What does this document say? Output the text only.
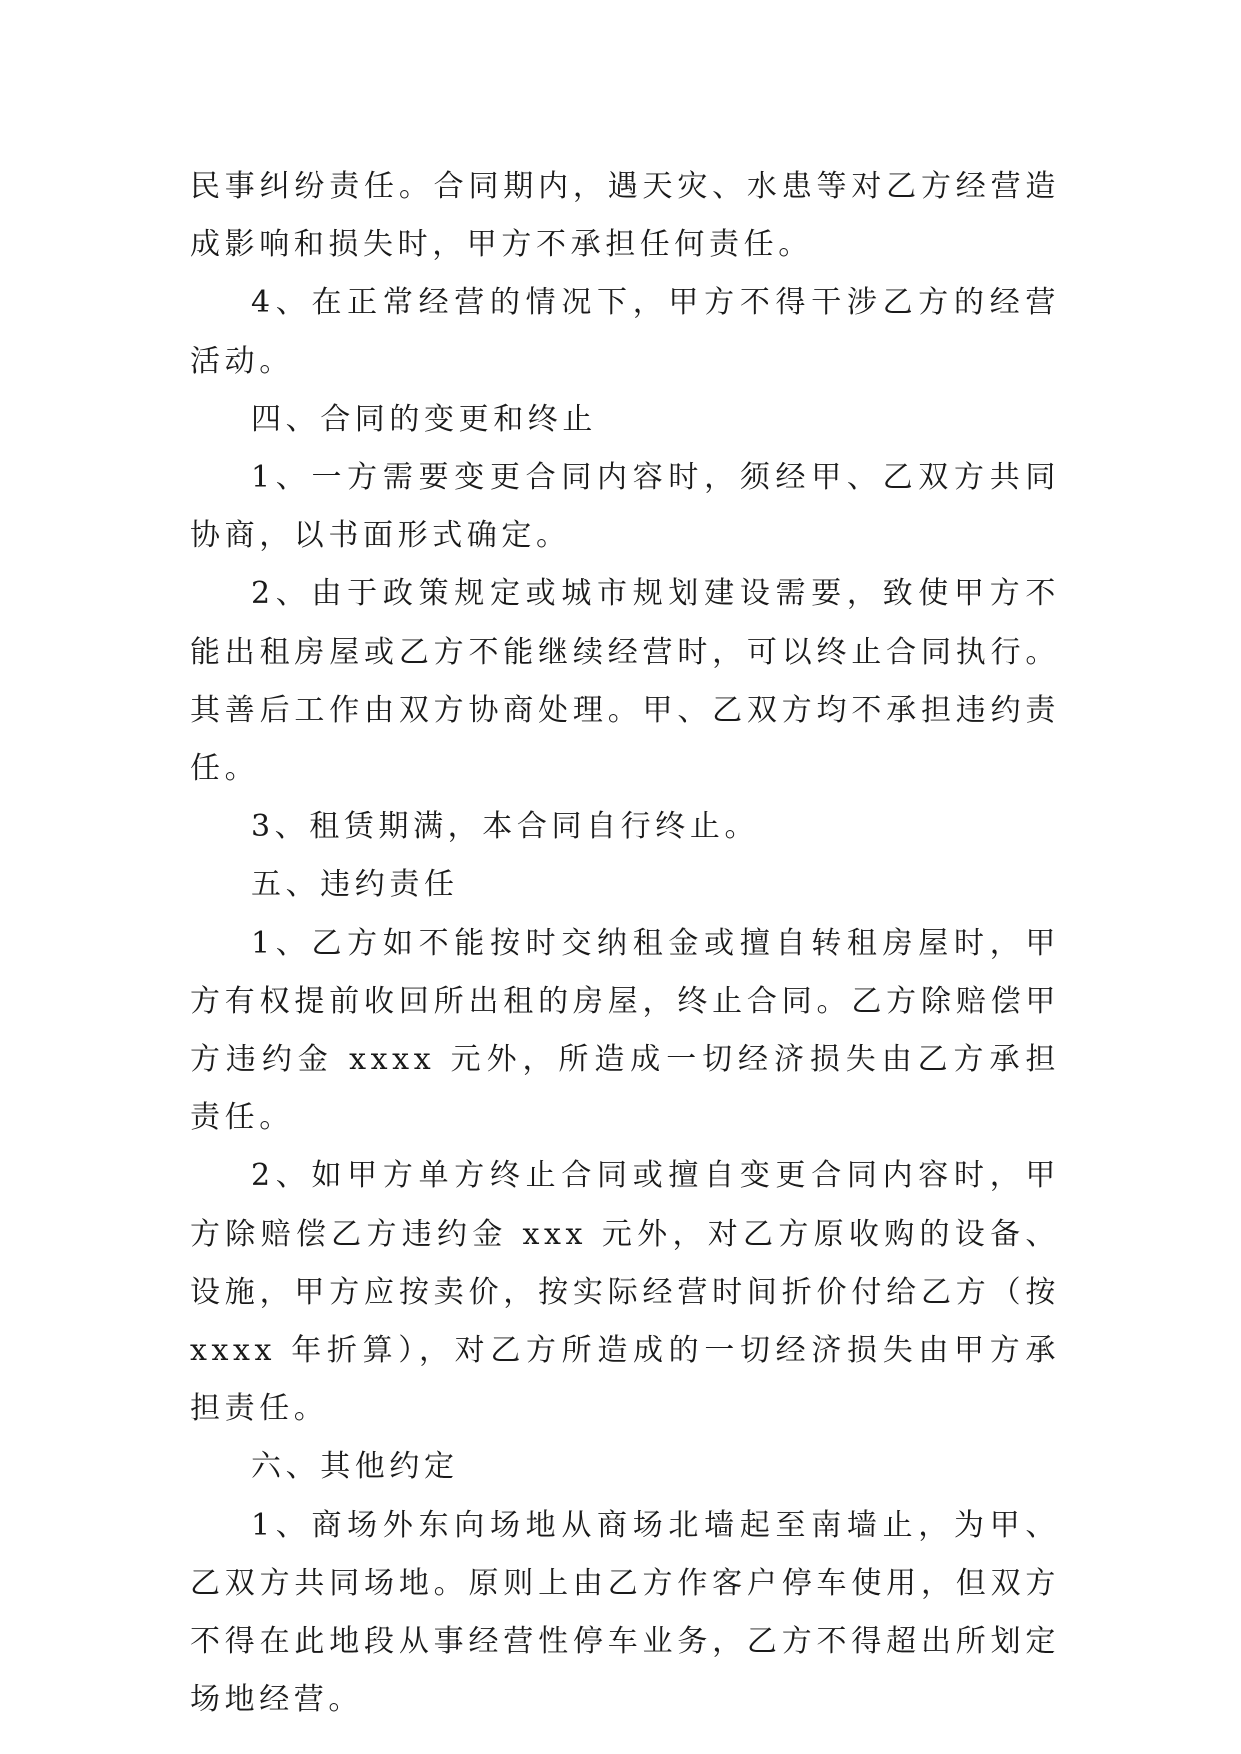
民事纠纷责任。合同期内，遇天灾、水患等对乙方经营造成影响和损失时，甲方不承担任何责任。

4、在正常经营的情况下，甲方不得干涉乙方的经营活动。

四、合同的变更和终止

1、一方需要变更合同内容时，须经甲、乙双方共同协商，以书面形式确定。

2、由于政策规定或城市规划建设需要，致使甲方不能出租房屋或乙方不能继续经营时，可以终止合同执行。其善后工作由双方协商处理。甲、乙双方均不承担违约责任。

3、租赁期满，本合同自行终止。

五、违约责任

1、乙方如不能按时交纳租金或擅自转租房屋时，甲方有权提前收回所出租的房屋，终止合同。乙方除赔偿甲方违约金 xxxx 元外，所造成一切经济损失由乙方承担责任。

2、如甲方单方终止合同或擅自变更合同内容时，甲方除赔偿乙方违约金 xxx 元外，对乙方原收购的设备、设施，甲方应按卖价，按实际经营时间折价付给乙方（按 xxxx 年折算），对乙方所造成的一切经济损失由甲方承担责任。

六、其他约定

1、商场外东向场地从商场北墙起至南墙止，为甲、乙双方共同场地。原则上由乙方作客户停车使用，但双方不得在此地段从事经营性停车业务，乙方不得超出所划定场地经营。
